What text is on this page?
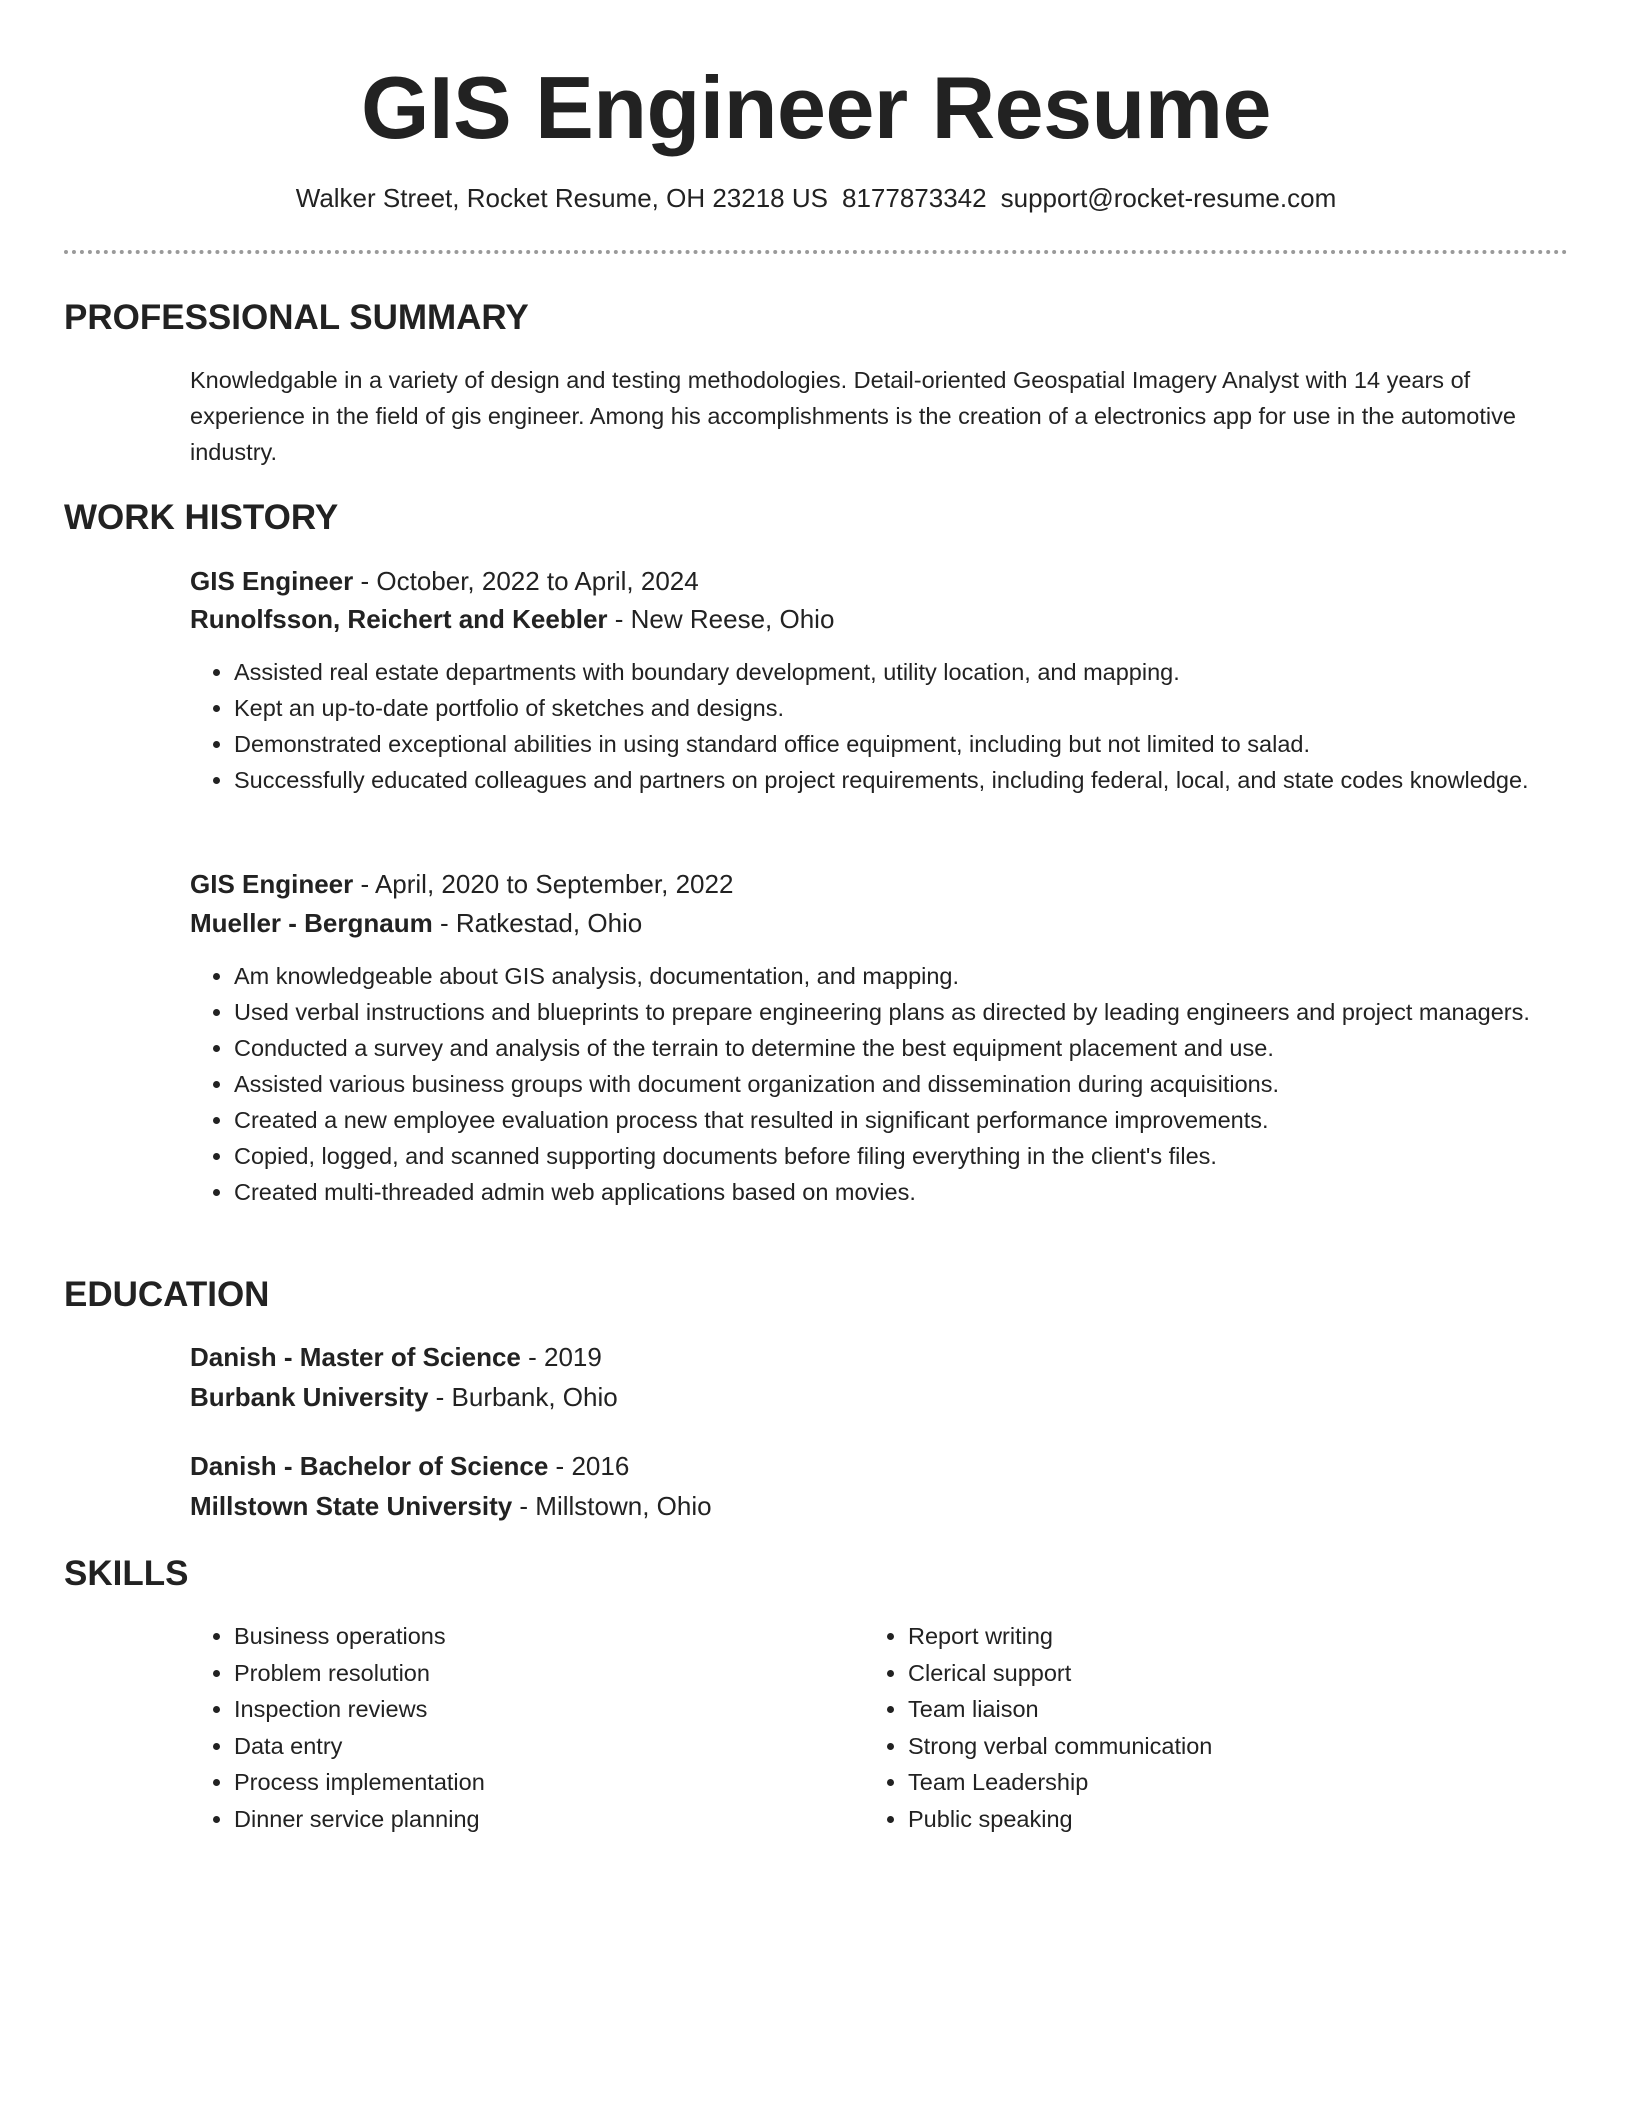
GIS Engineer Resume
Walker Street, Rocket Resume, OH 23218 US 8177873342 support@rocket-resume.com
PROFESSIONAL SUMMARY
Knowledgable in a variety of design and testing methodologies. Detail-oriented Geospatial Imagery Analyst with 14 years of experience in the field of gis engineer. Among his accomplishments is the creation of a electronics app for use in the automotive industry.
WORK HISTORY
GIS Engineer - October, 2022 to April, 2024
Runolfsson, Reichert and Keebler - New Reese, Ohio
• Assisted real estate departments with boundary development, utility location, and mapping.
• Kept an up-to-date portfolio of sketches and designs.
• Demonstrated exceptional abilities in using standard office equipment, including but not limited to salad.
• Successfully educated colleagues and partners on project requirements, including federal, local, and state codes knowledge.
GIS Engineer - April, 2020 to September, 2022
Mueller - Bergnaum - Ratkestad, Ohio
• Am knowledgeable about GIS analysis, documentation, and mapping.
• Used verbal instructions and blueprints to prepare engineering plans as directed by leading engineers and project managers.
• Conducted a survey and analysis of the terrain to determine the best equipment placement and use.
• Assisted various business groups with document organization and dissemination during acquisitions.
• Created a new employee evaluation process that resulted in significant performance improvements.
• Copied, logged, and scanned supporting documents before filing everything in the client's files.
• Created multi-threaded admin web applications based on movies.
EDUCATION
Danish - Master of Science - 2019
Burbank University - Burbank, Ohio
Danish - Bachelor of Science - 2016
Millstown State University - Millstown, Ohio
SKILLS
• Business operations
• Problem resolution
• Inspection reviews
• Data entry
• Process implementation
• Dinner service planning
• Report writing
• Clerical support
• Team liaison
• Strong verbal communication
• Team Leadership
• Public speaking
